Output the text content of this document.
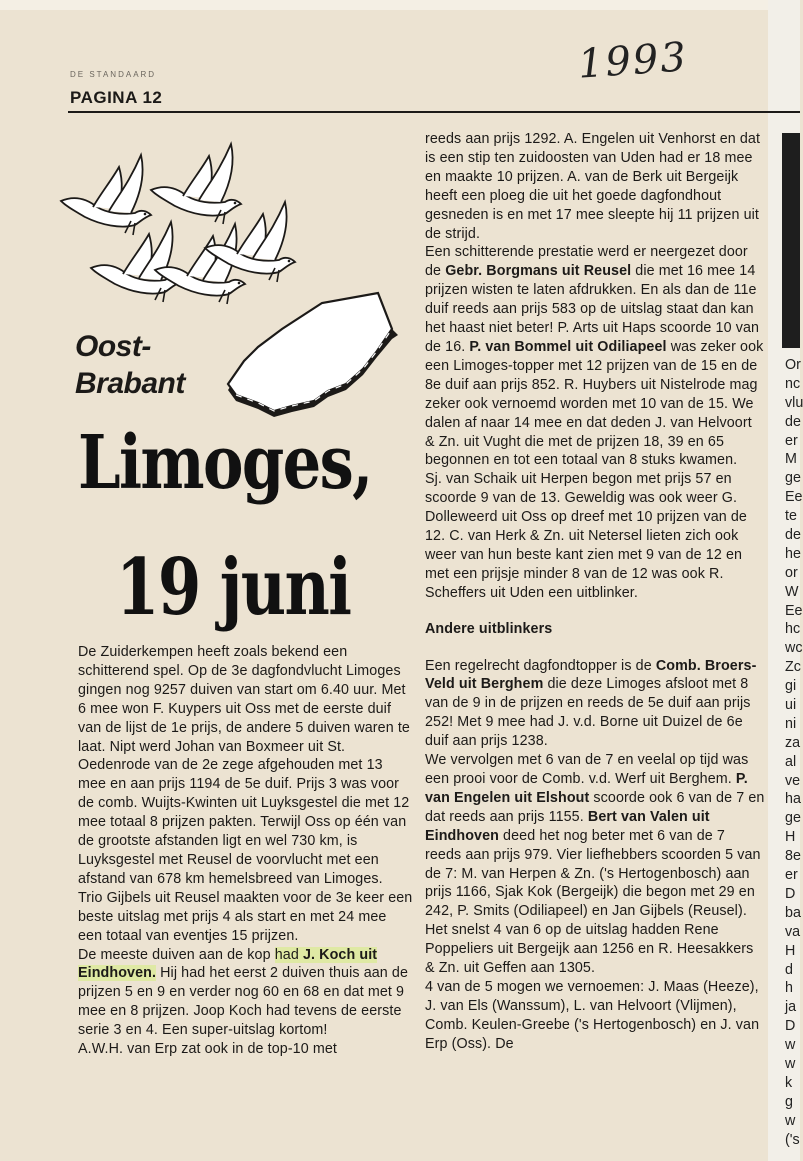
1993

DE STANDAARD

PAGINA 12

Oost-
Brabant

Limoges,
19 juni

De Zuiderkempen heeft zoals bekend een schitterend spel. Op de 3e dagfondvlucht Limoges gingen nog 9257 duiven van start om 6.40 uur. Met 6 mee won F. Kuypers uit Oss met de eerste duif van de lijst de 1e prijs, de andere 5 duiven waren te laat. Nipt werd Johan van Boxmeer uit St. Oedenrode van de 2e zege afgehouden met 13 mee en aan prijs 1194 de 5e duif. Prijs 3 was voor de comb. Wuijts-Kwinten uit Luyksgestel die met 12 mee totaal 8 prijzen pakten. Terwijl Oss op één van de grootste afstanden ligt en wel 730 km, is Luyksgestel met Reusel de voorvlucht met een afstand van 678 km hemelsbreed van Limoges.

Trio Gijbels uit Reusel maakten voor de 3e keer een beste uitslag met prijs 4 als start en met 24 mee een totaal van eventjes 15 prijzen.

De meeste duiven aan de kop had J. Koch uit Eindhoven. Hij had het eerst 2 duiven thuis aan de prijzen 5 en 9 en verder nog 60 en 68 en dat met 9 mee en 8 prijzen. Joop Koch had tevens de eerste serie 3 en 4. Een super-uitslag kortom!

A.W.H. van Erp zat ook in de top-10 met

reeds aan prijs 1292. A. Engelen uit Venhorst en dat is een stip ten zuidoosten van Uden had er 18 mee en maakte 10 prijzen. A. van de Berk uit Bergeijk heeft een ploeg die uit het goede dagfondhout gesneden is en met 17 mee sleepte hij 11 prijzen uit de strijd.

Een schitterende prestatie werd er neergezet door de Gebr. Borgmans uit Reusel die met 16 mee 14 prijzen wisten te laten afdrukken. En als dan de 11e duif reeds aan prijs 583 op de uitslag staat dan kan het haast niet beter! P. Arts uit Haps scoorde 10 van de 16. P. van Bommel uit Odiliapeel was zeker ook een Limoges-topper met 12 prijzen van de 15 en de 8e duif aan prijs 852. R. Huybers uit Nistelrode mag zeker ook vernoemd worden met 10 van de 15. We dalen af naar 14 mee en dat deden J. van Helvoort & Zn. uit Vught die met de prijzen 18, 39 en 65 begonnen en tot een totaal van 8 stuks kwamen.

Sj. van Schaik uit Herpen begon met prijs 57 en scoorde 9 van de 13. Geweldig was ook weer G. Dolleweerd uit Oss op dreef met 10 prijzen van de 12. C. van Herk & Zn. uit Netersel lieten zich ook weer van hun beste kant zien met 9 van de 12 en met een prijsje minder 8 van de 12 was ook R. Scheffers uit Uden een uitblinker.

Andere uitblinkers

Een regelrecht dagfondtopper is de Comb. Broers-Veld uit Berghem die deze Limoges afsloot met 8 van de 9 in de prijzen en reeds de 5e duif aan prijs 252! Met 9 mee had J. v.d. Borne uit Duizel de 6e duif aan prijs 1238.

We vervolgen met 6 van de 7 en veelal op tijd was een prooi voor de Comb. v.d. Werf uit Berghem. P. van Engelen uit Elshout scoorde ook 6 van de 7 en dat reeds aan prijs 1155. Bert van Valen uit Eindhoven deed het nog beter met 6 van de 7 reeds aan prijs 979. Vier liefhebbers scoorden 5 van de 7: M. van Herpen & Zn. ('s Hertogenbosch) aan prijs 1166, Sjak Kok (Bergeijk) die begon met 29 en 242, P. Smits (Odiliapeel) en Jan Gijbels (Reusel).

Het snelst 4 van 6 op de uitslag hadden Rene Poppeliers uit Bergeijk aan 1256 en R. Heesakkers & Zn. uit Geffen aan 1305.

4 van de 5 mogen we vernoemen: J. Maas (Heeze), J. van Els (Wanssum), L. van Helvoort (Vlijmen), Comb. Keulen-Greebe ('s Hertogenbosch) en J. van Erp (Oss). De

Or
nc
vlu
de
er
M
ge
Ee
te
de
he
or
W
Ee
hc
wc
Zc
gi
ui
ni
za
al
ve
ha
ge
H
8e
er
D
ba
va
H
d
h
ja
D
w
w
k
g
w
('s
